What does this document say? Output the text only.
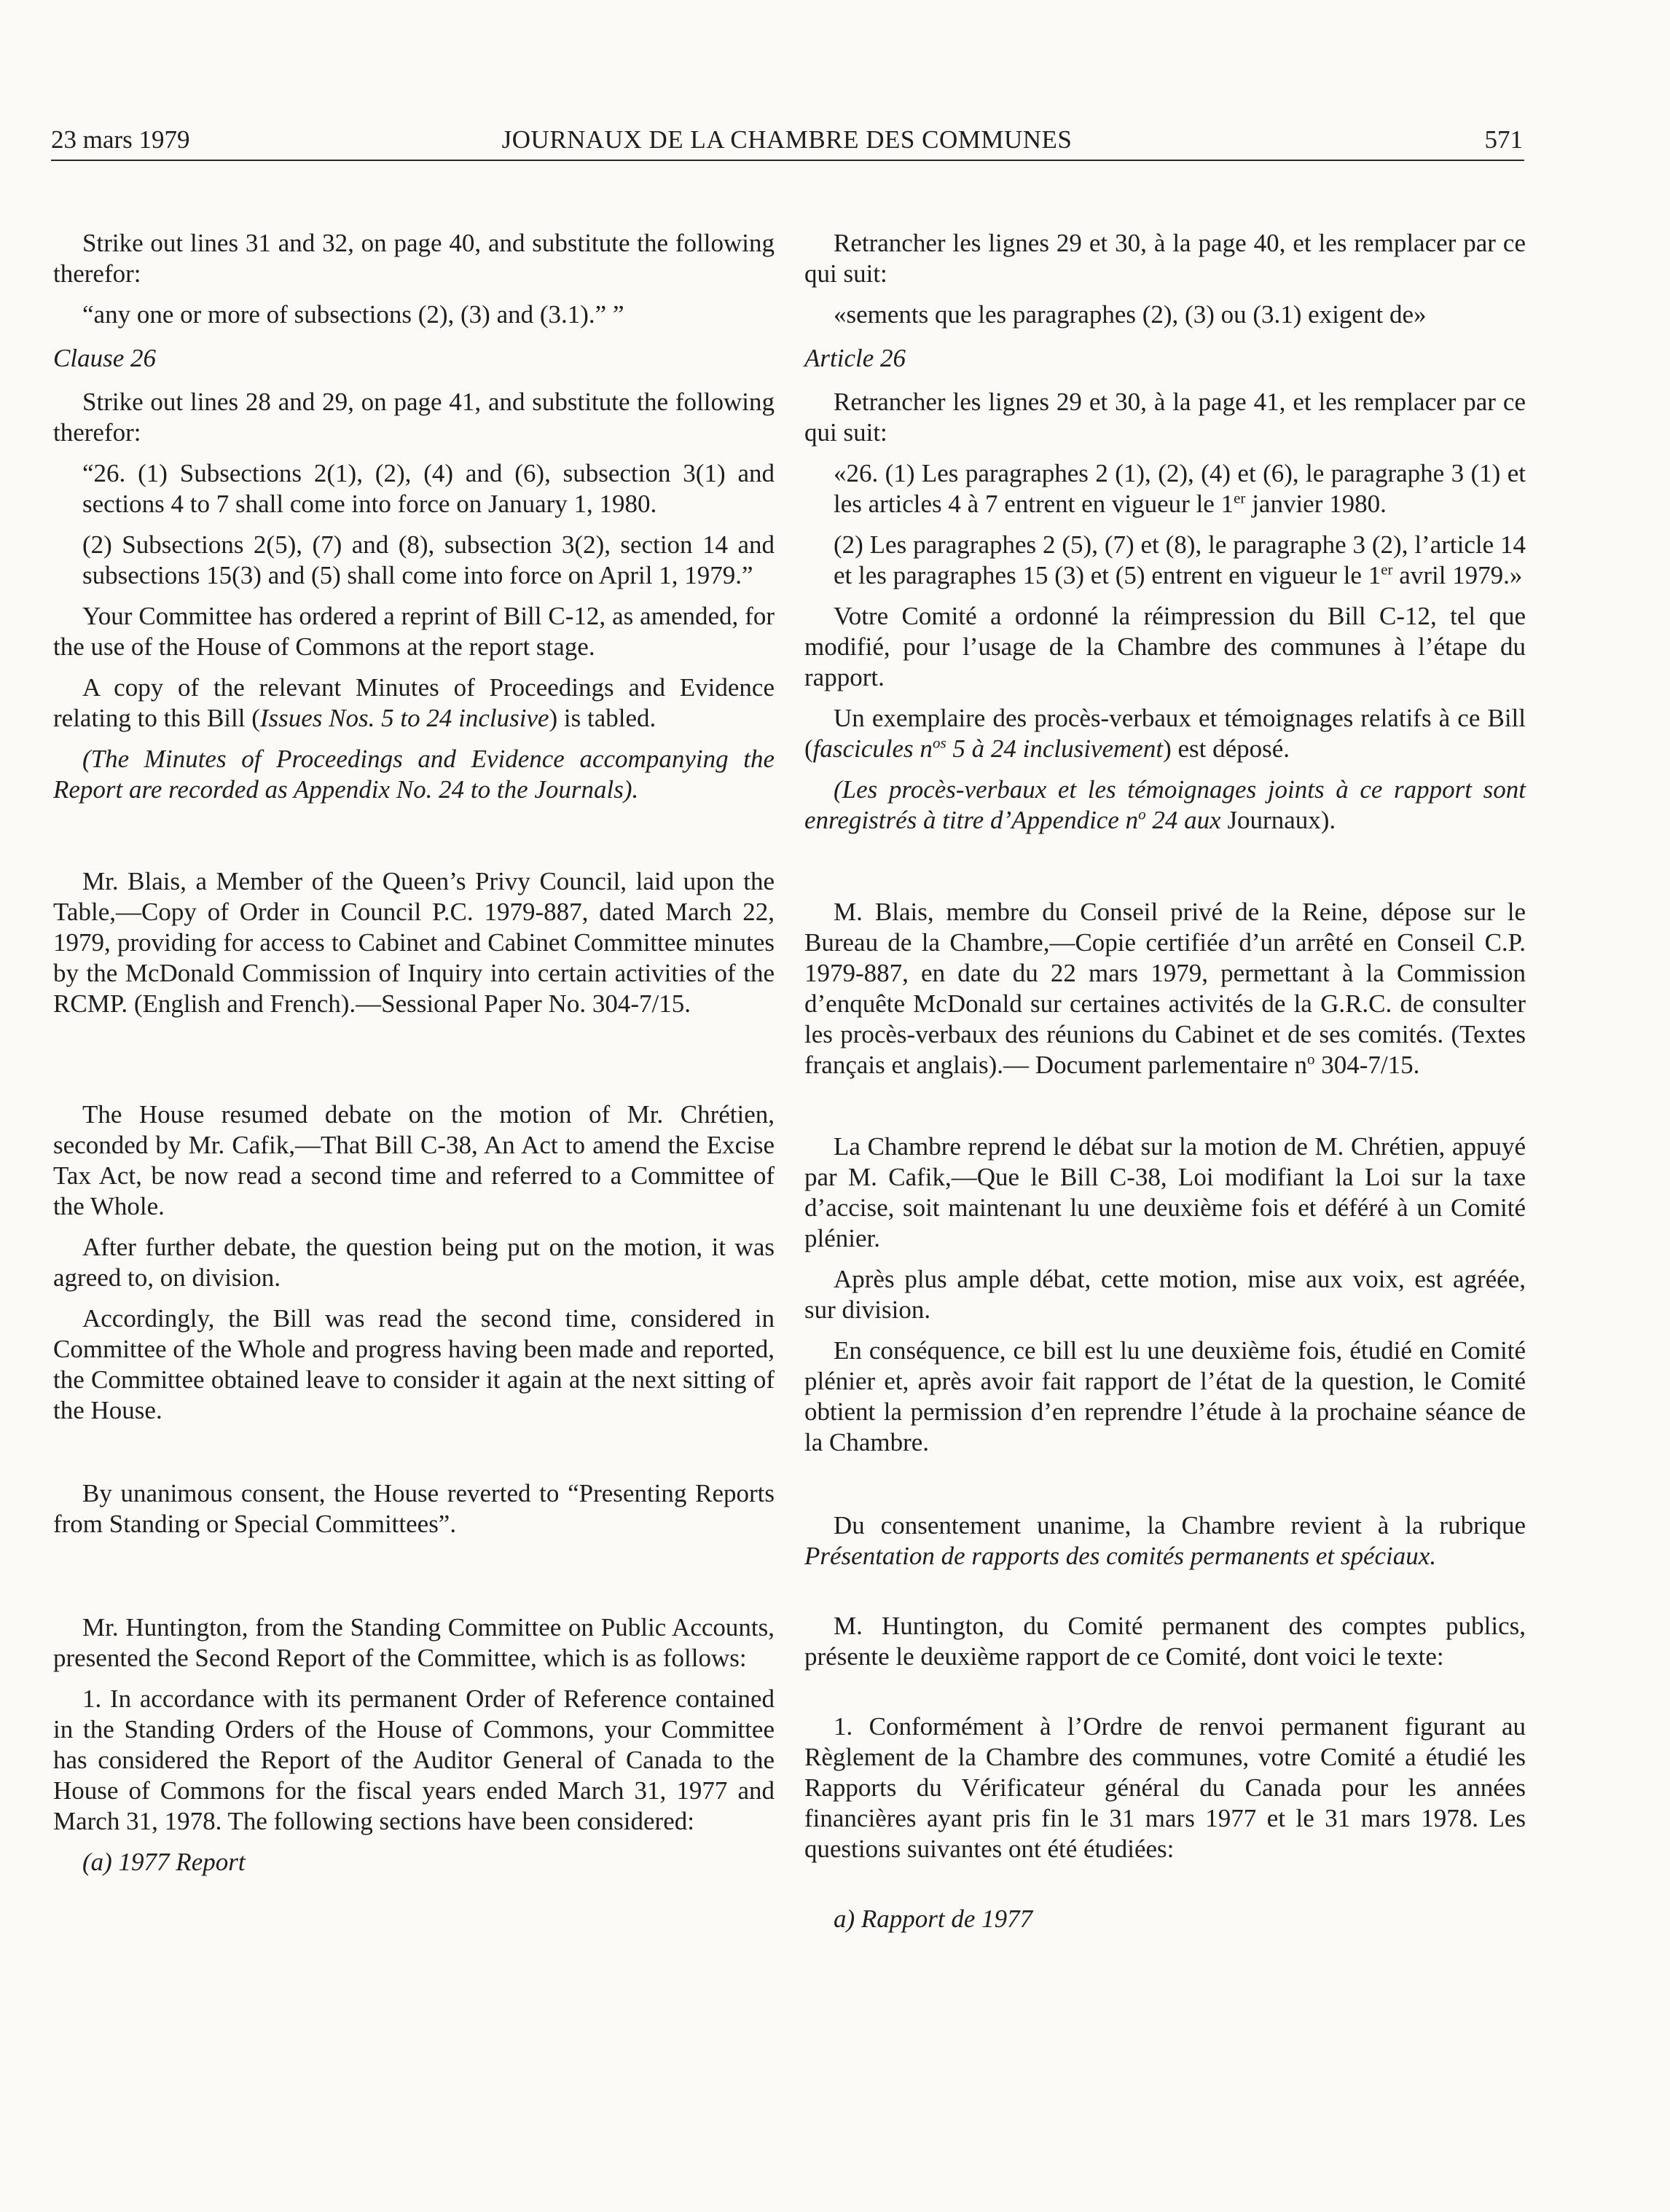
23 mars 1979	JOURNAUX DE LA CHAMBRE DES COMMUNES	571

Strike out lines 31 and 32, on page 40, and substitute the following therefor:

“any one or more of subsections (2), (3) and (3.1).” ”

Clause 26

Strike out lines 28 and 29, on page 41, and substitute the following therefor:

“26. (1) Subsections 2(1), (2), (4) and (6), subsection 3(1) and sections 4 to 7 shall come into force on January 1, 1980.

(2) Subsections 2(5), (7) and (8), subsection 3(2), section 14 and subsections 15(3) and (5) shall come into force on April 1, 1979.”

Your Committee has ordered a reprint of Bill C-12, as amended, for the use of the House of Commons at the report stage.

A copy of the relevant Minutes of Proceedings and Evidence relating to this Bill (Issues Nos. 5 to 24 inclusive) is tabled.

(The Minutes of Proceedings and Evidence accompanying the Report are recorded as Appendix No. 24 to the Journals).

Mr. Blais, a Member of the Queen’s Privy Council, laid upon the Table,—Copy of Order in Council P.C. 1979-887, dated March 22, 1979, providing for access to Cabinet and Cabinet Committee minutes by the McDonald Commission of Inquiry into certain activities of the RCMP. (English and French).—Sessional Paper No. 304-7/15.

The House resumed debate on the motion of Mr. Chrétien, seconded by Mr. Cafik,—That Bill C-38, An Act to amend the Excise Tax Act, be now read a second time and referred to a Committee of the Whole.

After further debate, the question being put on the motion, it was agreed to, on division.

Accordingly, the Bill was read the second time, considered in Committee of the Whole and progress having been made and reported, the Committee obtained leave to consider it again at the next sitting of the House.

By unanimous consent, the House reverted to “Presenting Reports from Standing or Special Committees”.

Mr. Huntington, from the Standing Committee on Public Accounts, presented the Second Report of the Committee, which is as follows:

1. In accordance with its permanent Order of Reference contained in the Standing Orders of the House of Commons, your Committee has considered the Report of the Auditor General of Canada to the House of Commons for the fiscal years ended March 31, 1977 and March 31, 1978. The following sections have been considered:

(a) 1977 Report

Retrancher les lignes 29 et 30, à la page 40, et les remplacer par ce qui suit:

«sements que les paragraphes (2), (3) ou (3.1) exigent de»

Article 26

Retrancher les lignes 29 et 30, à la page 41, et les remplacer par ce qui suit:

«26. (1) Les paragraphes 2 (1), (2), (4) et (6), le paragraphe 3 (1) et les articles 4 à 7 entrent en vigueur le 1er janvier 1980.

(2) Les paragraphes 2 (5), (7) et (8), le paragraphe 3 (2), l’article 14 et les paragraphes 15 (3) et (5) entrent en vigueur le 1er avril 1979.»

Votre Comité a ordonné la réimpression du Bill C-12, tel que modifié, pour l’usage de la Chambre des communes à l’étape du rapport.

Un exemplaire des procès-verbaux et témoignages relatifs à ce Bill (fascicules $n^{os}$ 5 à 24 inclusivement) est déposé.

(Les procès-verbaux et les témoignages joints à ce rapport sont enregistrés à titre d’Appendice $n^o$ 24 aux Journaux).

M. Blais, membre du Conseil privé de la Reine, dépose sur le Bureau de la Chambre,—Copie certifiée d’un arrêté en Conseil C.P. 1979-887, en date du 22 mars 1979, permettant à la Commission d’enquête McDonald sur certaines activités de la G.R.C. de consulter les procès-verbaux des réunions du Cabinet et de ses comités. (Textes français et anglais).— Document parlementaire $n^o$ 304-7/15.

La Chambre reprend le débat sur la motion de M. Chrétien, appuyé par M. Cafik,—Que le Bill C-38, Loi modifiant la Loi sur la taxe d’accise, soit maintenant lu une deuxième fois et déféré à un Comité plénier.

Après plus ample débat, cette motion, mise aux voix, est agréée, sur division.

En conséquence, ce bill est lu une deuxième fois, étudié en Comité plénier et, après avoir fait rapport de l’état de la question, le Comité obtient la permission d’en reprendre l’étude à la prochaine séance de la Chambre.

Du consentement unanime, la Chambre revient à la rubrique Présentation de rapports des comités permanents et spéciaux.

M. Huntington, du Comité permanent des comptes publics, présente le deuxième rapport de ce Comité, dont voici le texte:

1. Conformément à l’Ordre de renvoi permanent figurant au Règlement de la Chambre des communes, votre Comité a étudié les Rapports du Vérificateur général du Canada pour les années financières ayant pris fin le 31 mars 1977 et le 31 mars 1978. Les questions suivantes ont été étudiées:

a) Rapport de 1977
